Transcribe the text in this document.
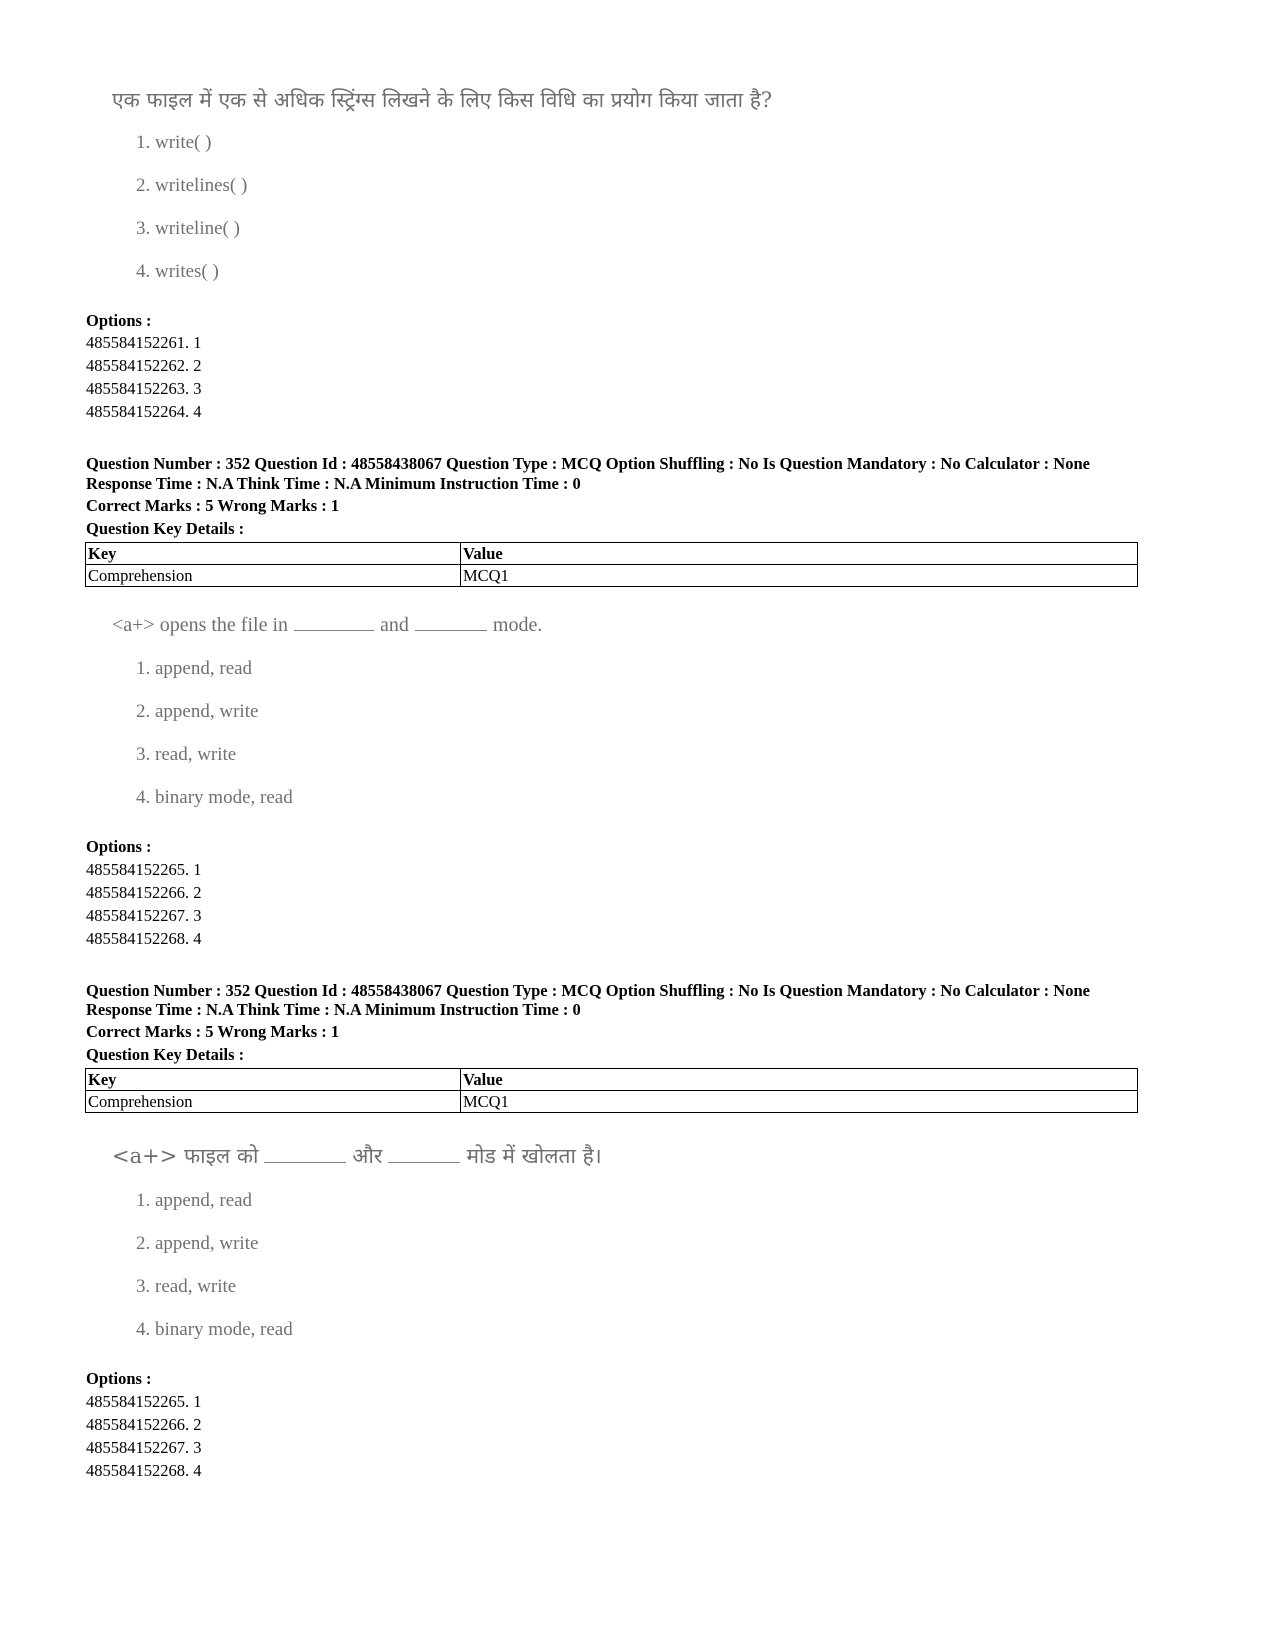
एक फाइल में एक से अधिक स्ट्रिंग्स लिखने के लिए किस विधि का प्रयोग किया जाता है?
1. write( )
2. writelines( )
3. writeline( )
4. writes( )
Options :
485584152261. 1
485584152262. 2
485584152263. 3
485584152264. 4
Question Number : 352 Question Id : 48558438067 Question Type : MCQ Option Shuffling : No Is Question Mandatory : No Calculator : None
Response Time : N.A Think Time : N.A Minimum Instruction Time : 0
Correct Marks : 5 Wrong Marks : 1
Question Key Details :
Key	Value
Comprehension	MCQ1
<a+> opens the file in	and	mode.
1. append, read
2. append, write
3. read, write
4. binary mode, read
Options :
485584152265. 1
485584152266. 2
485584152267. 3
485584152268. 4
Question Number : 352 Question Id : 48558438067 Question Type : MCQ Option Shuffling : No Is Question Mandatory : No Calculator : None
Response Time : N.A Think Time : N.A Minimum Instruction Time : 0
Correct Marks : 5 Wrong Marks : 1
Question Key Details :
Key	Value
Comprehension	MCQ1
<a+> फाइल को	और	मोड में खोलता है।
1. append, read
2. append, write
3. read, write
4. binary mode, read
Options :
485584152265. 1
485584152266. 2
485584152267. 3
485584152268. 4
